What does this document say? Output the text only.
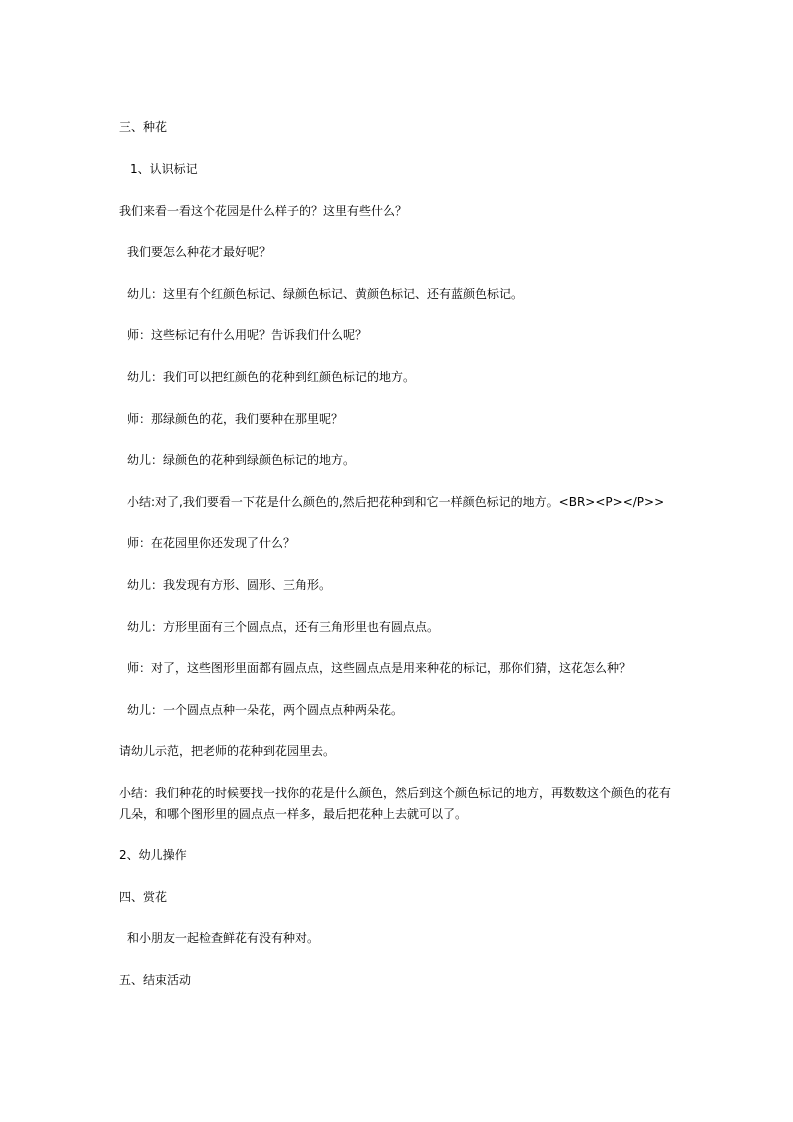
三、种花
1、认识标记
我们来看一看这个花园是什么样子的？这里有些什么？
我们要怎么种花才最好呢？
幼儿：这里有个红颜色标记、绿颜色标记、黄颜色标记、还有蓝颜色标记。
师：这些标记有什么用呢？告诉我们什么呢？
幼儿：我们可以把红颜色的花种到红颜色标记的地方。
师：那绿颜色的花，我们要种在那里呢？
幼儿：绿颜色的花种到绿颜色标记的地方。
小结:对了,我们要看一下花是什么颜色的,然后把花种到和它一样颜色标记的地方。<BR><P></P>>
师：在花园里你还发现了什么？
幼儿：我发现有方形、圆形、三角形。
幼儿：方形里面有三个圆点点，还有三角形里也有圆点点。
师：对了，这些图形里面都有圆点点，这些圆点点是用来种花的标记，那你们猜，这花怎么种？
幼儿：一个圆点点种一朵花，两个圆点点种两朵花。
请幼儿示范，把老师的花种到花园里去。
小结：我们种花的时候要找一找你的花是什么颜色，然后到这个颜色标记的地方，再数数这个颜色的花有几朵，和哪个图形里的圆点点一样多，最后把花种上去就可以了。
2、幼儿操作
四、赏花
和小朋友一起检查鲜花有没有种对。
五、结束活动
